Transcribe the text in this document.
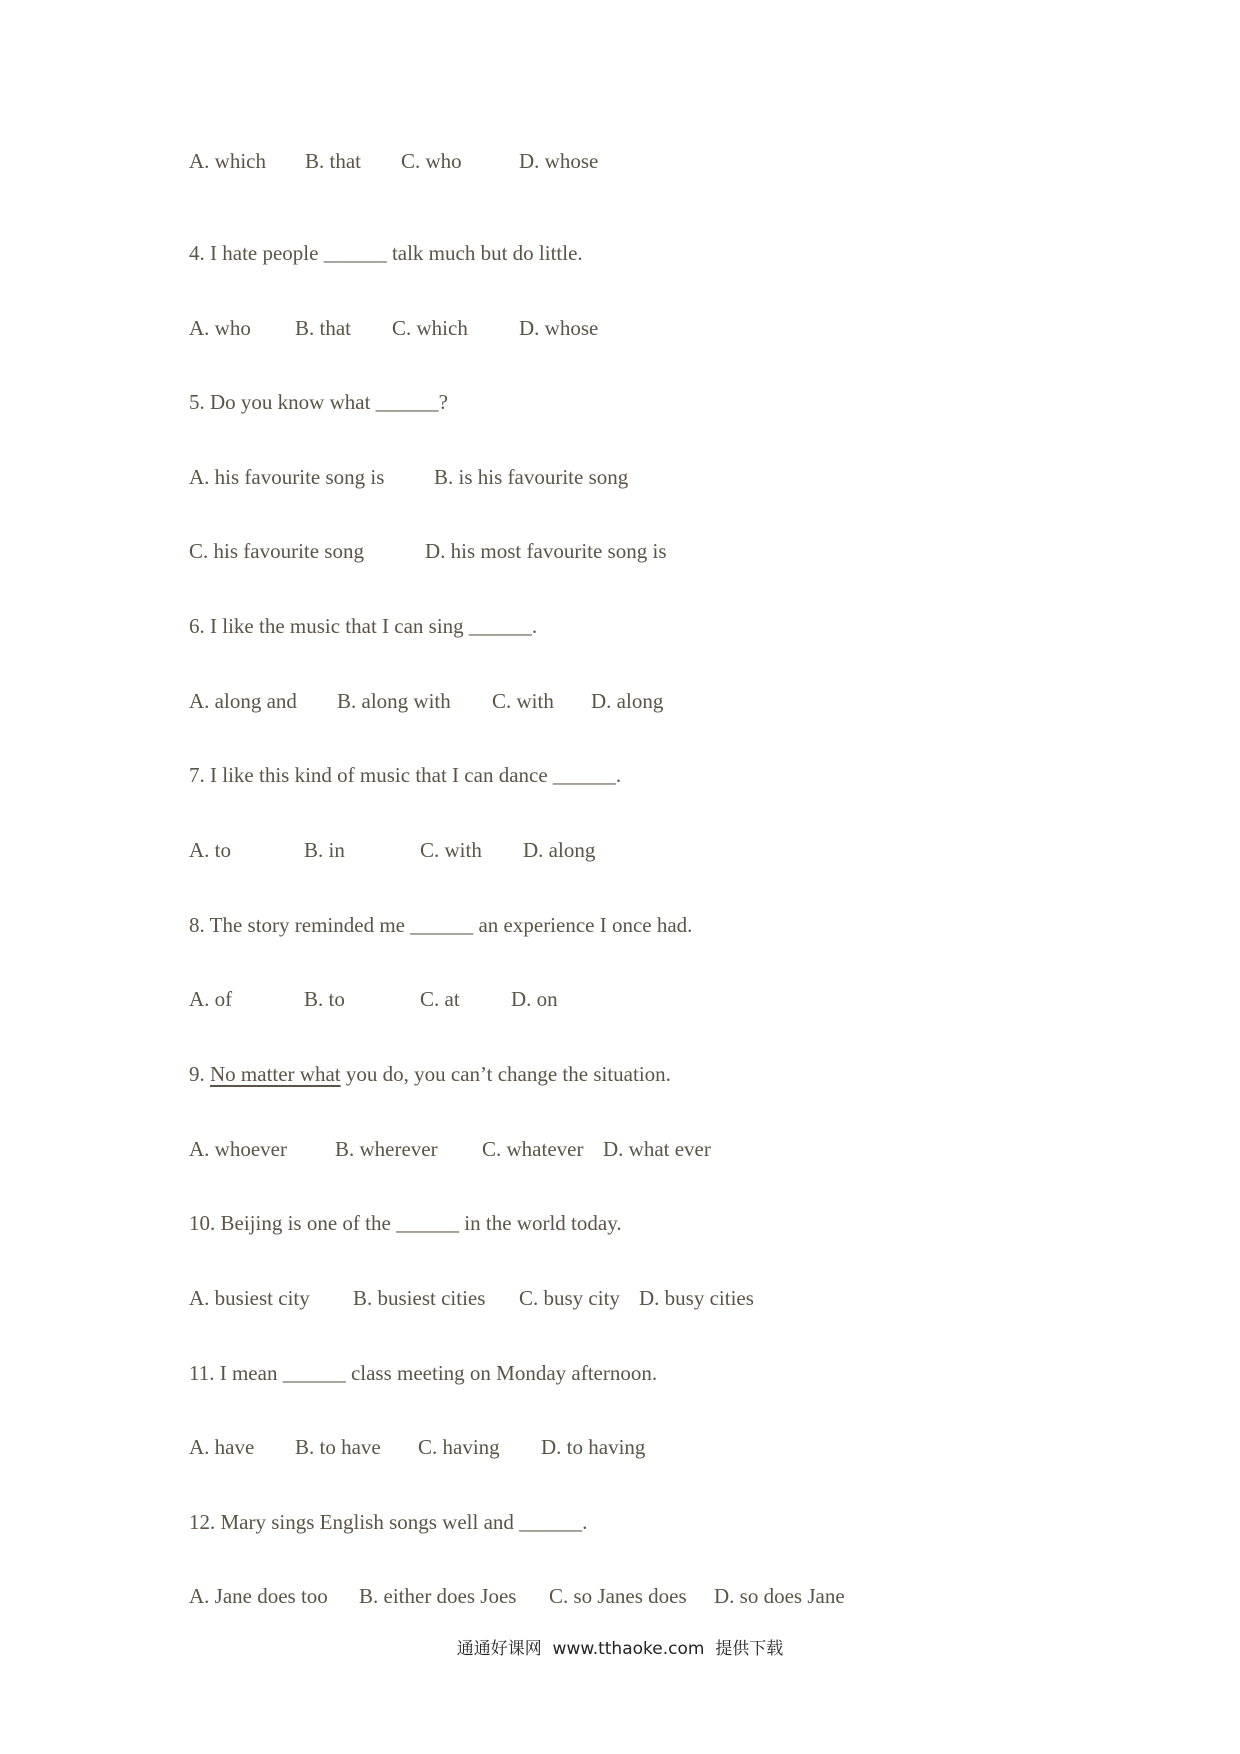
A. which

B. that

C. who

	D. whose

4. I hate people ______ talk much but do little.

A. who

B. that

C. which

D. whose

5. Do you know what ______?

A. his favourite song is

B. is his favourite song

C. his favourite song

	D. his most favourite song is

6. I like the music that I can sing ______.

A. along and

B. along with

C. with

D. along

7. I like this kind of music that I can dance ______.

A. to

	B. in

	C. with

D. along

8. The story reminded me ______ an experience I once had.

A. of

	B. to

	C. at

D. on

9. No matter what you do, you can’t change the situation.

A. whoever

B. wherever

C. whatever

D. what ever

10. Beijing is one of the ______ in the world today.

A. busiest city

B. busiest cities

C. busy city

D. busy cities

11. I mean ______ class meeting on Monday afternoon.

A. have

B. to have

C. having

D. to having

12. Mary sings English songs well and ______.

A. Jane does too

B. either does Joes

C. so Janes does

D. so does Jane

通通好课网 www.tthaoke.com 提供下载
